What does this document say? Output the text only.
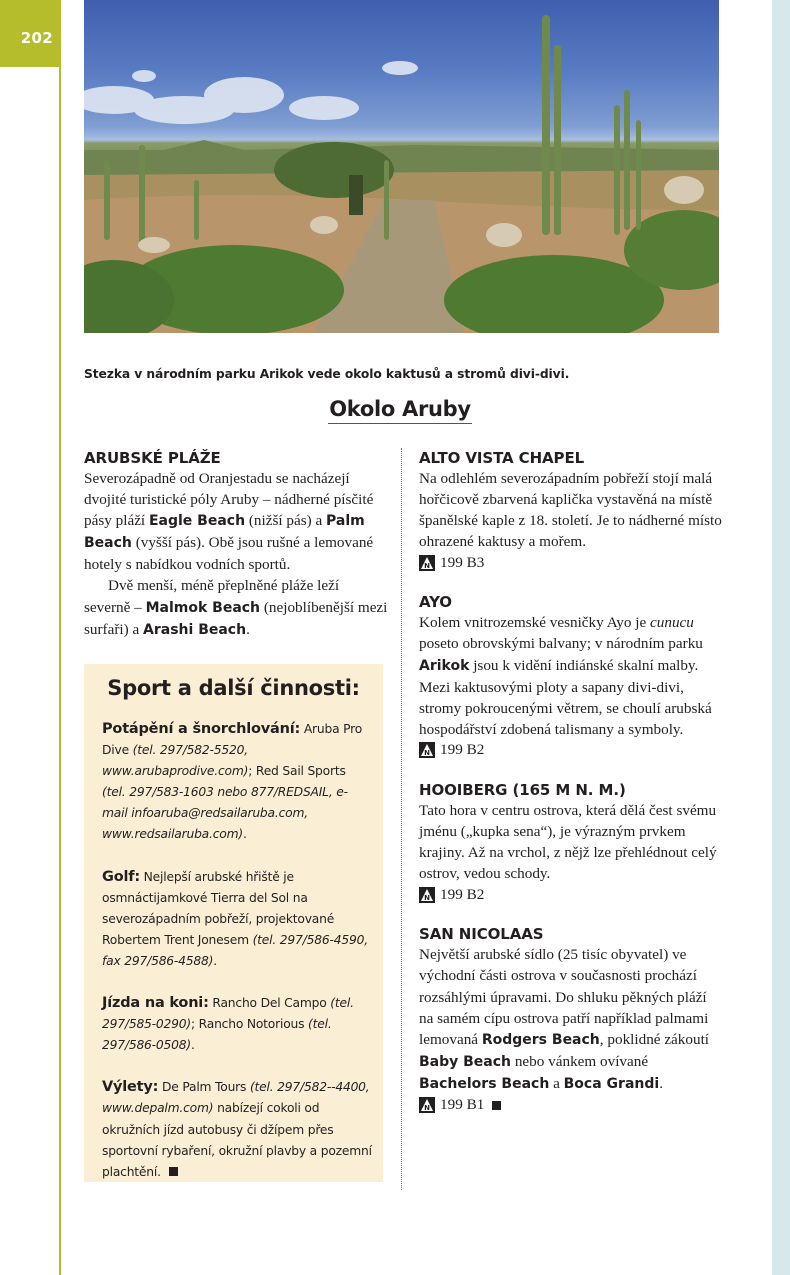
202
Stezka v národním parku Arikok vede okolo kaktusů a stromů divi-divi.
Okolo Aruby
ARUBSKÉ PLÁŽE

Severozápadně od Oranjestadu se nacházejí dvojité turistické póly Aruby – nádherné písčité pásy pláží Eagle Beach (nižší pás) a Palm Beach (vyšší pás). Obě jsou rušné a lemované hotely s nabídkou vodních sportů.

Dvě menší, méně přeplněné pláže leží severně – Malmok Beach (nejoblíbenější mezi surfaři) a Arashi Beach.

Sport a další činnosti:
Potápění a šnorchlování: Aruba Pro Dive (tel. 297/582-5520, www.arubaprodive.com); Red Sail Sports (tel. 297/583-1603 nebo 877/REDSAIL, e-mail infoaruba@redsailaruba.com, www.redsailaruba.com).
Golf: Nejlepší arubské hřiště je osmnáctijamkové Tierra del Sol na severozápadním pobřeží, projektované Robertem Trent Jonesem (tel. 297/586-4590, fax 297/586-4588).
Jízda na koni: Rancho Del Campo (tel. 297/585-0290); Rancho Notorious (tel. 297/586-0508).
Výlety: De Palm Tours (tel. 297/582--4400, www.depalm.com) nabízejí cokoli od okružních jízd autobusy či džípem přes sportovní rybaření, okružní plavby a pozemní plachtění.
ALTO VISTA CHAPEL

Na odlehlém severozápadním pobřeží stojí malá hořčicově zbarvená kaplička vystavěná na místě španělské kaple z 18. století. Je to nádherné místo ohrazené kaktusy a mořem.

N 199 B3
AYO

Kolem vnitrozemské vesničky Ayo je cunucu poseto obrovskými balvany; v národním parku Arikok jsou k vidění indiánské skalní malby. Mezi kaktusovými ploty a sapany divi-divi, stromy pokroucenými větrem, se choulí arubská hospodářství zdobená talismany a symboly.

N 199 B2
HOOIBERG (165 M N. M.)

Tato hora v centru ostrova, která dělá čest svému jménu („kupka sena“), je výrazným prvkem krajiny. Až na vrchol, z nějž lze přehlédnout celý ostrov, vedou schody.

N 199 B2
SAN NICOLAAS

Největší arubské sídlo (25 tisíc obyvatel) ve východní části ostrova v současnosti prochází rozsáhlými úpravami. Do shluku pěkných pláží na samém cípu ostrova patří například palmami lemovaná Rodgers Beach, poklidné zákoutí Baby Beach nebo vánkem ovívané Bachelors Beach a Boca Grandi.

N 199 B1
